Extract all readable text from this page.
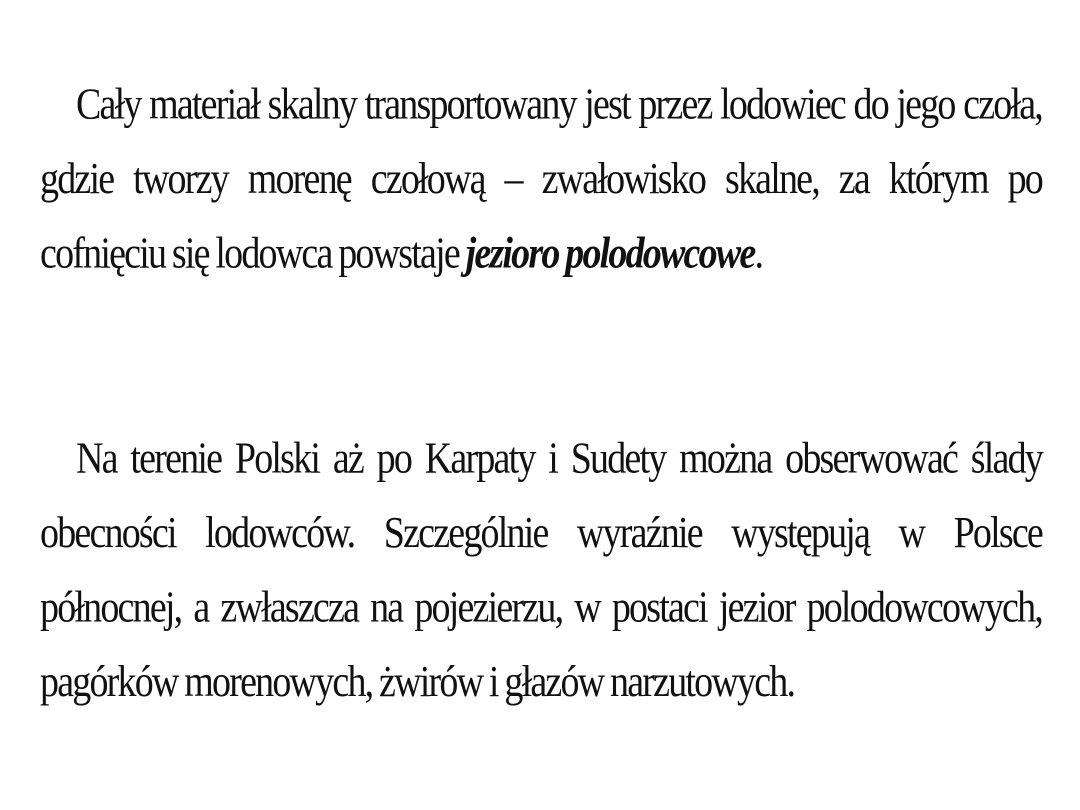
Cały materiał skalny transportowany jest przez lodowiec do jego czoła, gdzie tworzy morenę czołową – zwałowisko skalne, za którym po cofnięciu się lodowca powstaje jezioro polodowcowe.

Na terenie Polski aż po Karpaty i Sudety można obserwować ślady obecności lodowców. Szczególnie wyraźnie występują w Polsce północnej, a zwłaszcza na pojezierzu, w postaci jezior polodowcowych, pagórków morenowych, żwirów i głazów narzutowych.
